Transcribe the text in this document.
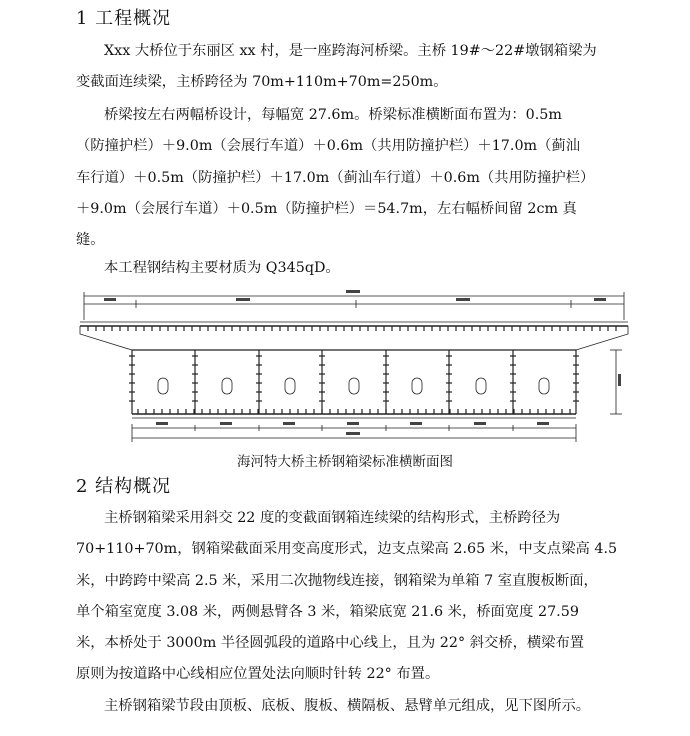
1 工程概况

Xxx 大桥位于东丽区 xx 村，是一座跨海河桥梁。主桥 19#～22#墩钢箱梁为
变截面连续梁，主桥跨径为 70m+110m+70m=250m。

桥梁按左右两幅桥设计，每幅宽 27.6m。桥梁标准横断面布置为：0.5m
（防撞护栏）＋9.0m（会展行车道）＋0.6m（共用防撞护栏）＋17.0m（蓟汕
车行道）＋0.5m（防撞护栏）＋17.0m（蓟汕车行道）＋0.6m（共用防撞护栏）
＋9.0m（会展行车道）＋0.5m（防撞护栏）＝54.7m，左右幅桥间留 2cm 真
缝。

本工程钢结构主要材质为 Q345qD。

海河特大桥主桥钢箱梁标准横断面图
2 结构概况

主桥钢箱梁采用斜交 22 度的变截面钢箱连续梁的结构形式，主桥跨径为
70+110+70m，钢箱梁截面采用变高度形式，边支点梁高 2.65 米，中支点梁高 4.5
米，中跨跨中梁高 2.5 米，采用二次抛物线连接，钢箱梁为单箱 7 室直腹板断面，
单个箱室宽度 3.08 米，两侧悬臂各 3 米，箱梁底宽 21.6 米，桥面宽度 27.59
米，本桥处于 3000m 半径圆弧段的道路中心线上，且为 22° 斜交桥，横梁布置
原则为按道路中心线相应位置处法向顺时针转 22° 布置。

主桥钢箱梁节段由顶板、底板、腹板、横隔板、悬臂单元组成，见下图所示。
